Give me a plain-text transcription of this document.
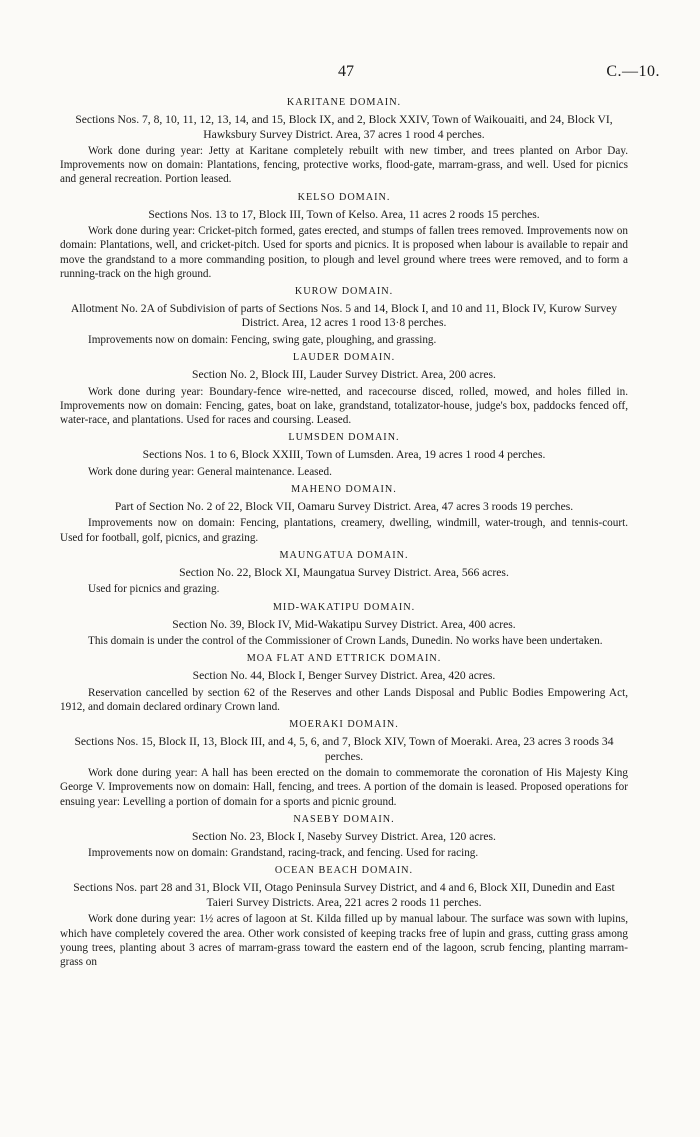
47	C.—10.

KARITANE DOMAIN.

Sections Nos. 7, 8, 10, 11, 12, 13, 14, and 15, Block IX, and 2, Block XXIV, Town of Waikouaiti, and 24, Block VI, Hawksbury Survey District. Area, 37 acres 1 rood 4 perches.

Work done during year: Jetty at Karitane completely rebuilt with new timber, and trees planted on Arbor Day. Improvements now on domain: Plantations, fencing, protective works, flood-gate, marram-grass, and well. Used for picnics and general recreation. Portion leased.

KELSO DOMAIN.

Sections Nos. 13 to 17, Block III, Town of Kelso. Area, 11 acres 2 roods 15 perches.

Work done during year: Cricket-pitch formed, gates erected, and stumps of fallen trees removed. Improvements now on domain: Plantations, well, and cricket-pitch. Used for sports and picnics. It is proposed when labour is available to repair and move the grandstand to a more commanding position, to plough and level ground where trees were removed, and to form a running-track on the high ground.

KUROW DOMAIN.

Allotment No. 2A of Subdivision of parts of Sections Nos. 5 and 14, Block I, and 10 and 11, Block IV, Kurow Survey District. Area, 12 acres 1 rood 13·8 perches.

Improvements now on domain: Fencing, swing gate, ploughing, and grassing.

LAUDER DOMAIN.

Section No. 2, Block III, Lauder Survey District. Area, 200 acres.

Work done during year: Boundary-fence wire-netted, and racecourse disced, rolled, mowed, and holes filled in. Improvements now on domain: Fencing, gates, boat on lake, grandstand, totalizator-house, judge's box, paddocks fenced off, water-race, and plantations. Used for races and coursing. Leased.

LUMSDEN DOMAIN.

Sections Nos. 1 to 6, Block XXIII, Town of Lumsden. Area, 19 acres 1 rood 4 perches.

Work done during year: General maintenance. Leased.

MAHENO DOMAIN.

Part of Section No. 2 of 22, Block VII, Oamaru Survey District. Area, 47 acres 3 roods 19 perches.

Improvements now on domain: Fencing, plantations, creamery, dwelling, windmill, water-trough, and tennis-court. Used for football, golf, picnics, and grazing.

MAUNGATUA DOMAIN.

Section No. 22, Block XI, Maungatua Survey District. Area, 566 acres.

Used for picnics and grazing.

MID-WAKATIPU DOMAIN.

Section No. 39, Block IV, Mid-Wakatipu Survey District. Area, 400 acres.

This domain is under the control of the Commissioner of Crown Lands, Dunedin. No works have been undertaken.

MOA FLAT AND ETTRICK DOMAIN.

Section No. 44, Block I, Benger Survey District. Area, 420 acres.

Reservation cancelled by section 62 of the Reserves and other Lands Disposal and Public Bodies Empowering Act, 1912, and domain declared ordinary Crown land.

MOERAKI DOMAIN.

Sections Nos. 15, Block II, 13, Block III, and 4, 5, 6, and 7, Block XIV, Town of Moeraki. Area, 23 acres 3 roods 34 perches.

Work done during year: A hall has been erected on the domain to commemorate the coronation of His Majesty King George V. Improvements now on domain: Hall, fencing, and trees. A portion of the domain is leased. Proposed operations for ensuing year: Levelling a portion of domain for a sports and picnic ground.

NASEBY DOMAIN.

Section No. 23, Block I, Naseby Survey District. Area, 120 acres.

Improvements now on domain: Grandstand, racing-track, and fencing. Used for racing.

OCEAN BEACH DOMAIN.

Sections Nos. part 28 and 31, Block VII, Otago Peninsula Survey District, and 4 and 6, Block XII, Dunedin and East Taieri Survey Districts. Area, 221 acres 2 roods 11 perches.

Work done during year: 1½ acres of lagoon at St. Kilda filled up by manual labour. The surface was sown with lupins, which have completely covered the area. Other work consisted of keeping tracks free of lupin and grass, cutting grass among young trees, planting about 3 acres of marram-grass toward the eastern end of the lagoon, scrub fencing, planting marram-grass on
